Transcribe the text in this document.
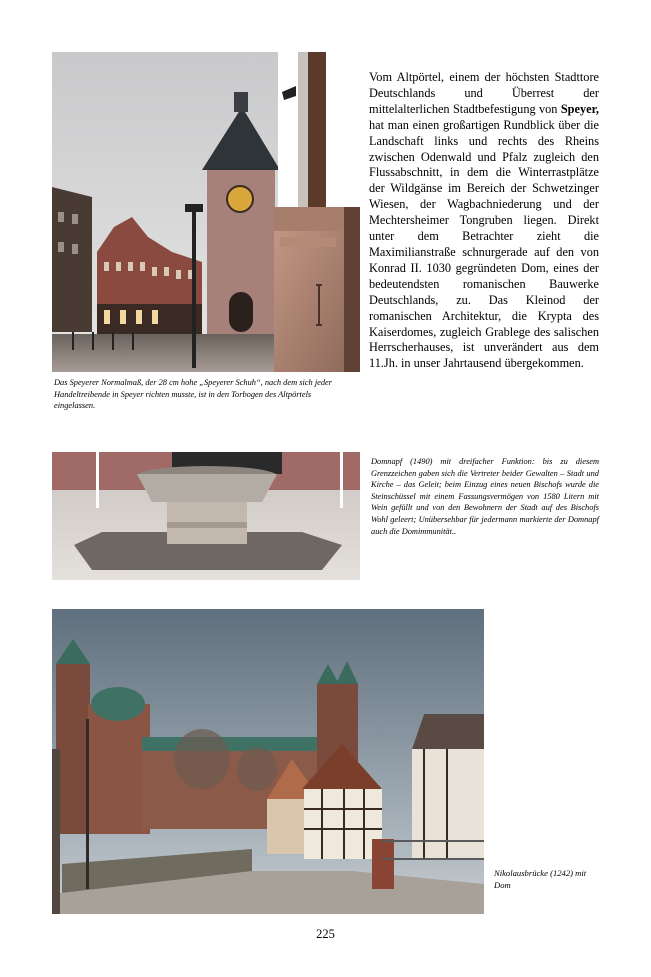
Vom Altpörtel, einem der höchsten Stadttore Deutschlands und Überrest der mittelalterlichen Stadtbefestigung von Speyer, hat man einen großartigen Rundblick über die Landschaft links und rechts des Rheins zwischen Odenwald und Pfalz zugleich den Flussabschnitt, in dem die Winterrastplätze der Wildgänse im Bereich der Schwetzinger Wiesen, der Wagbachniederung und der Mechtersheimer Tongruben liegen. Direkt unter dem Betrachter zieht die Maximilianstraße schnurgerade auf den von Konrad II. 1030 gegründeten Dom, eines der bedeutendsten romanischen Bauwerke Deutschlands, zu. Das Kleinod der romanischen Architektur, die Krypta des Kaiserdomes, zugleich Grablege des salischen Herrscherhauses, ist unverändert aus dem 11.Jh. in unser Jahrtausend übergekommen.
Das Speyerer Normalmaß, der 28 cm hohe „Speyerer Schuh“, nach dem sich jeder Handeltreibende in Speyer richten musste, ist in den Torbogen des Altpörtels eingelassen.
Domnapf (1490) mit dreifacher Funktion: bis zu diesem Grenzzeichen gaben sich die Vertreter beider Gewalten – Stadt und Kirche – das Geleit; beim Einzug eines neuen Bischofs wurde die Steinschüssel mit einem Fassungsvermögen von 1580 Litern mit Wein gefüllt und von den Bewohnern der Stadt auf des Bischofs Wohl geleert; Unübersehbar für jedermann markierte der Domnapf auch die Domimmunität..
Nikolausbrücke (1242) mit Dom
225
